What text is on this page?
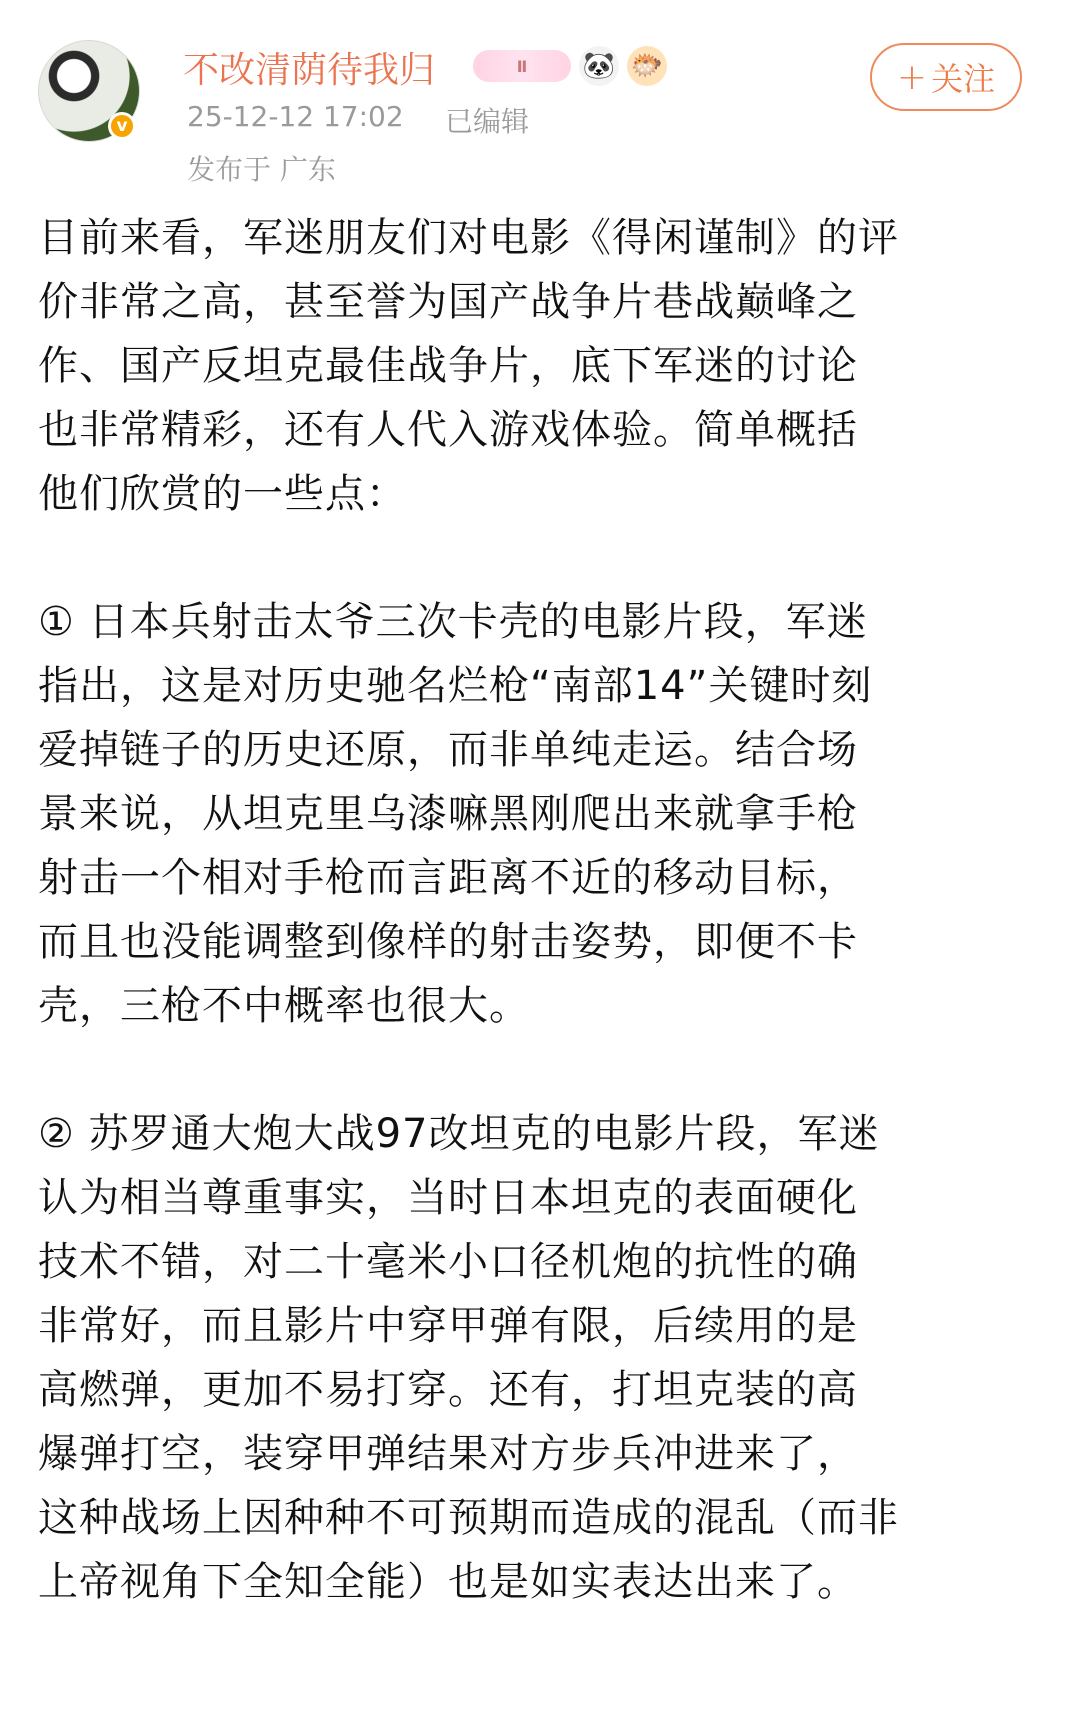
v
不改清荫待我归	Ⅱ	🐼 🐡
25-12-12 17:02 已编辑
发布于 广东
+ 关注
目前来看，军迷朋友们对电影《得闲谨制》的评
价非常之高，甚至誉为国产战争片巷战巅峰之
作、国产反坦克最佳战争片，底下军迷的讨论
也非常精彩，还有人代入游戏体验。简单概括
他们欣赏的一些点：
① 日本兵射击太爷三次卡壳的电影片段，军迷
指出，这是对历史驰名烂枪“南部14”关键时刻
爱掉链子的历史还原，而非单纯走运。结合场
景来说，从坦克里乌漆嘛黑刚爬出来就拿手枪
射击一个相对手枪而言距离不近的移动目标，
而且也没能调整到像样的射击姿势，即便不卡
壳，三枪不中概率也很大。
② 苏罗通大炮大战97改坦克的电影片段，军迷
认为相当尊重事实，当时日本坦克的表面硬化
技术不错，对二十毫米小口径机炮的抗性的确
非常好，而且影片中穿甲弹有限，后续用的是
高燃弹，更加不易打穿。还有，打坦克装的高
爆弹打空，装穿甲弹结果对方步兵冲进来了，
这种战场上因种种不可预期而造成的混乱（而非
上帝视角下全知全能）也是如实表达出来了。
